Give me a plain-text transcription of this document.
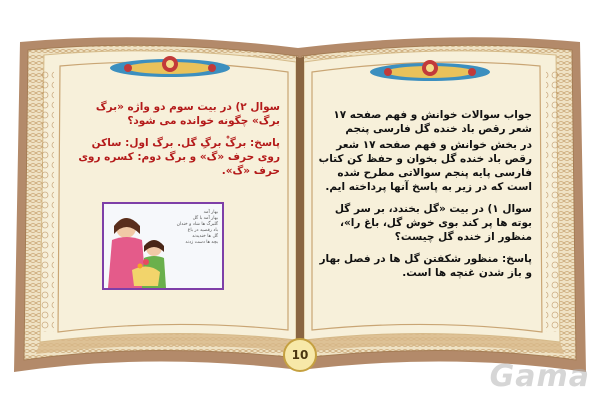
جواب سوالات خوانش و فهم صفحه ۱۷ شعر رقص باد خنده گل فارسی پنجم

در بخش خوانش و فهم صفحه ۱۷ شعر رقص باد خنده گل بخوان و حفظ کن کتاب فارسی پایه پنجم سوالاتی مطرح شده است که در زیر به پاسخ آنها پرداخته ایم.

سوال ۱) در بیت «گل بخندد، بر سر گل بوته ها پر کند بوی خوش گل، باغ را»، منظور از خنده گل چیست؟

پاسخ: منظور شکفتن گل ها در فصل بهار و باز شدن غنچه ها است.

سوال ۲) در بیت سوم دو واژه «برگ برگ» چگونه خوانده می شود؟

پاسخ: برگْ برگِ گل. برگ اول: ساکن روی حرف «گ» و برگ دوم: کسره روی حرف «گ».

بهار آمد
بهار آمد با گل
گلبرگ ها شاد و خندان
باد رقصید در باغ
گل ها خندیدند
بچه ها دست زدند
10
Gama
